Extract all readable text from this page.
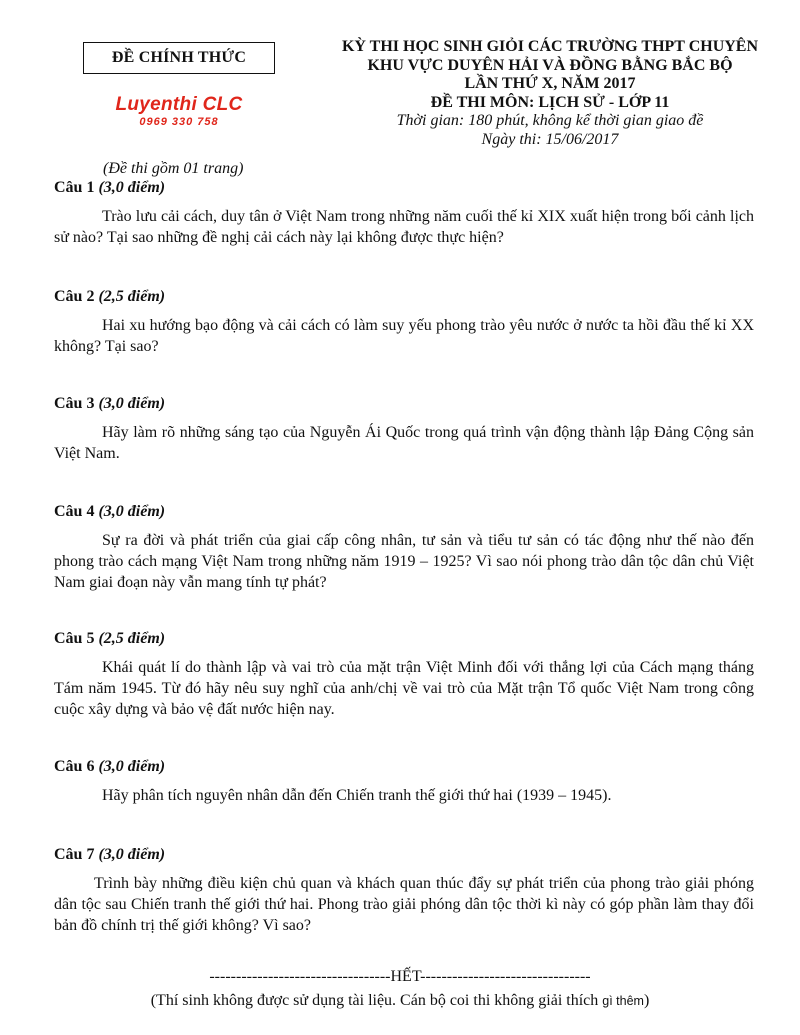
ĐỀ CHÍNH THỨC
Luyenthi CLC
0969 330 758
KỲ THI HỌC SINH GIỎI CÁC TRƯỜNG THPT CHUYÊN
KHU VỰC DUYÊN HẢI VÀ ĐỒNG BẰNG BẮC BỘ
LẦN THỨ X, NĂM 2017
ĐỀ THI MÔN: LỊCH SỬ - LỚP 11
Thời gian: 180 phút, không kể thời gian giao đề
Ngày thi: 15/06/2017
(Đề thi gồm 01 trang)
Câu 1 (3,0 điểm)
Trào lưu cải cách, duy tân ở Việt Nam trong những năm cuối thế kỉ XIX xuất hiện trong bối cảnh lịch sử nào? Tại sao những đề nghị cải cách này lại không được thực hiện?
Câu 2 (2,5 điểm)
Hai xu hướng bạo động và cải cách có làm suy yếu phong trào yêu nước ở nước ta hồi đầu thế kỉ XX không? Tại sao?
Câu 3 (3,0 điểm)
Hãy làm rõ những sáng tạo của Nguyễn Ái Quốc trong quá trình vận động thành lập Đảng Cộng sản Việt Nam.
Câu 4 (3,0 điểm)
Sự ra đời và phát triển của giai cấp công nhân, tư sản và tiểu tư sản có tác động như thế nào đến phong trào cách mạng Việt Nam trong những năm 1919 – 1925? Vì sao nói phong trào dân tộc dân chủ Việt Nam giai đoạn này vẫn mang tính tự phát?
Câu 5 (2,5 điểm)
Khái quát lí do thành lập và vai trò của mặt trận Việt Minh đối với thắng lợi của Cách mạng tháng Tám năm 1945. Từ đó hãy nêu suy nghĩ của anh/chị về vai trò của Mặt trận Tổ quốc Việt Nam trong công cuộc xây dựng và bảo vệ đất nước hiện nay.
Câu 6 (3,0 điểm)
Hãy phân tích nguyên nhân dẫn đến Chiến tranh thế giới thứ hai (1939 – 1945).
Câu 7 (3,0 điểm)
Trình bày những điều kiện chủ quan và khách quan thúc đẩy sự phát triển của phong trào giải phóng dân tộc sau Chiến tranh thế giới thứ hai. Phong trào giải phóng dân tộc thời kì này có góp phần làm thay đổi bản đồ chính trị thế giới không? Vì sao?
----------------------------------HẾT--------------------------------
(Thí sinh không được sử dụng tài liệu. Cán bộ coi thi không giải thích gì thêm)
